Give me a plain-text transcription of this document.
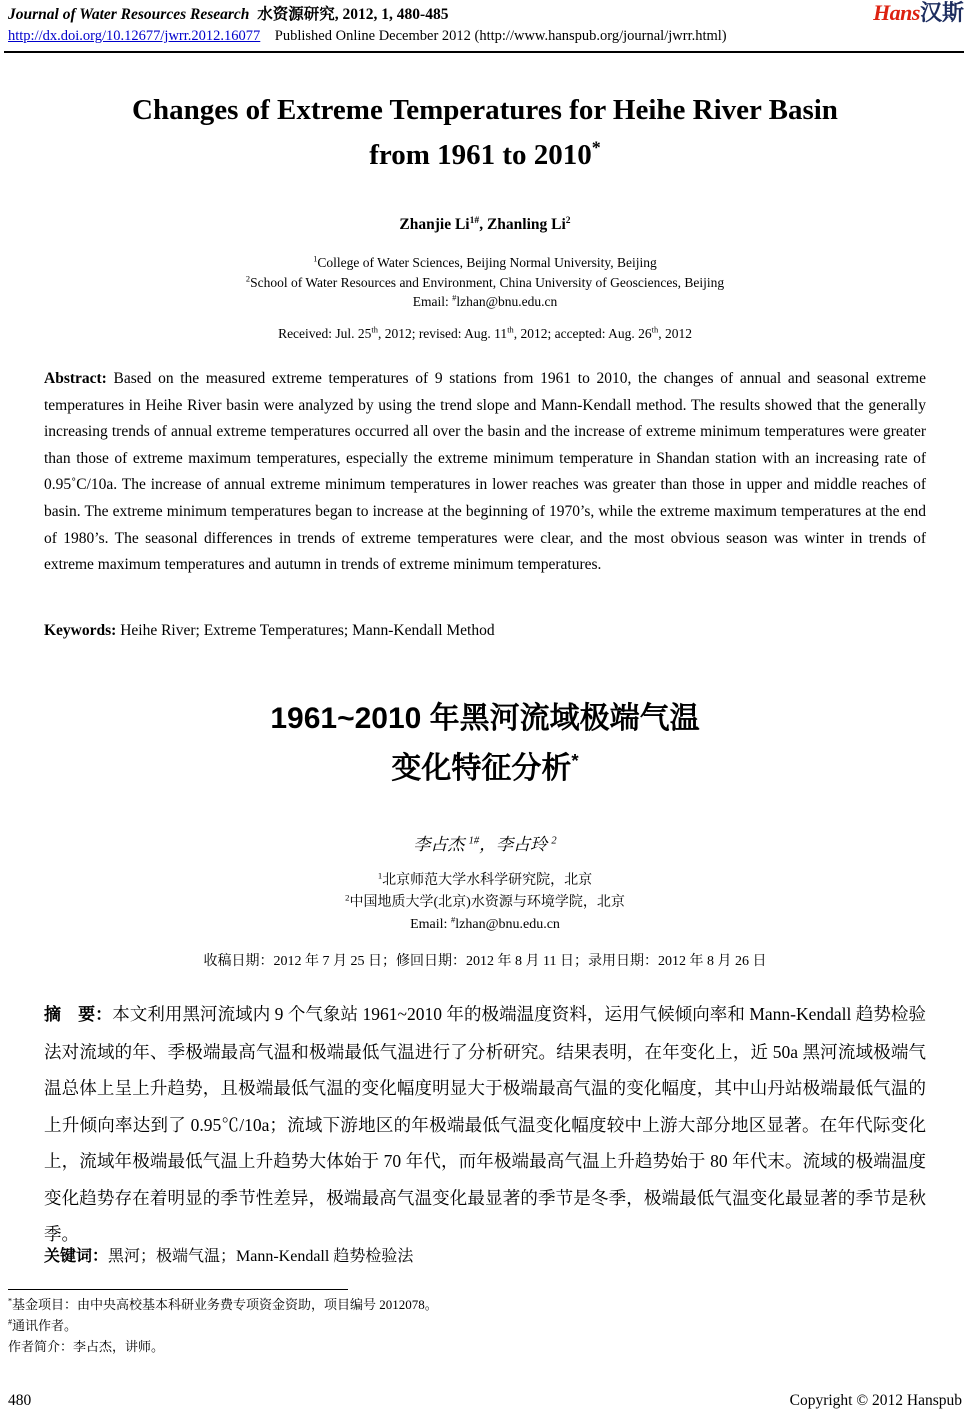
Journal of Water Resources Research 水资源研究, 2012, 1, 480-485	Hans汉斯
http://dx.doi.org/10.12677/jwrr.2012.16077 Published Online December 2012 (http://www.hanspub.org/journal/jwrr.html)
Changes of Extreme Temperatures for Heihe River Basin
from 1961 to 2010*
Zhanjie $Li^{1\#}$, Zhanling Li$^2$
$^1$College of Water Sciences, Beijing Normal University, Beijing
$^2$School of Water Resources and Environment, China University of Geosciences, Beijing
Email: #lzhan@bnu.edu.cn
Received: Jul. 25th, 2012; revised: Aug. 11th, 2012; accepted: Aug. 26th, 2012
Abstract: Based on the measured extreme temperatures of 9 stations from 1961 to 2010, the changes of annual and seasonal extreme temperatures in Heihe River basin were analyzed by using the trend slope and Mann-Kendall method. The results showed that the generally increasing trends of annual extreme temperatures occurred all over the basin and the increase of extreme minimum temperatures were greater than those of extreme maximum temperatures, especially the extreme minimum temperature in Shandan station with an increasing rate of 0.95˚C/10a. The increase of annual extreme minimum temperatures in lower reaches was greater than those in upper and middle reaches of basin. The extreme minimum temperatures began to increase at the beginning of 1970’s, while the extreme maximum temperatures at the end of 1980’s. The seasonal differences in trends of extreme temperatures were clear, and the most obvious season was winter in trends of extreme maximum temperatures and autumn in trends of extreme minimum temperatures.
Keywords: Heihe River; Extreme Temperatures; Mann-Kendall Method
1961~2010 年黑河流域极端气温
变化特征分析*
李占杰 $^{1\#}$，李占玲 $^2$
$^1$北京师范大学水科学研究院，北京
$^2$中国地质大学(北京)水资源与环境学院，北京
Email: #lzhan@bnu.edu.cn
收稿日期：2012 年 7 月 25 日；修回日期：2012 年 8 月 11 日；录用日期：2012 年 8 月 26 日
摘　要：本文利用黑河流域内 9 个气象站 1961~2010 年的极端温度资料，运用气候倾向率和 Mann-Kendall 趋势检验法对流域的年、季极端最高气温和极端最低气温进行了分析研究。结果表明，在年变化上，近 50a 黑河流域极端气温总体上呈上升趋势，且极端最低气温的变化幅度明显大于极端最高气温的变化幅度，其中山丹站极端最低气温的上升倾向率达到了 0.95℃/10a；流域下游地区的年极端最低气温变化幅度较中上游大部分地区显著。在年代际变化上，流域年极端最低气温上升趋势大体始于 70 年代，而年极端最高气温上升趋势始于 80 年代末。流域的极端温度变化趋势存在着明显的季节性差异，极端最高气温变化最显著的季节是冬季，极端最低气温变化最显著的季节是秋季。
关键词：黑河；极端气温；Mann-Kendall 趋势检验法
*基金项目：由中央高校基本科研业务费专项资金资助，项目编号 2012078。
#通讯作者。
作者简介：李占杰，讲师。
480	Copyright © 2012 Hanspub
